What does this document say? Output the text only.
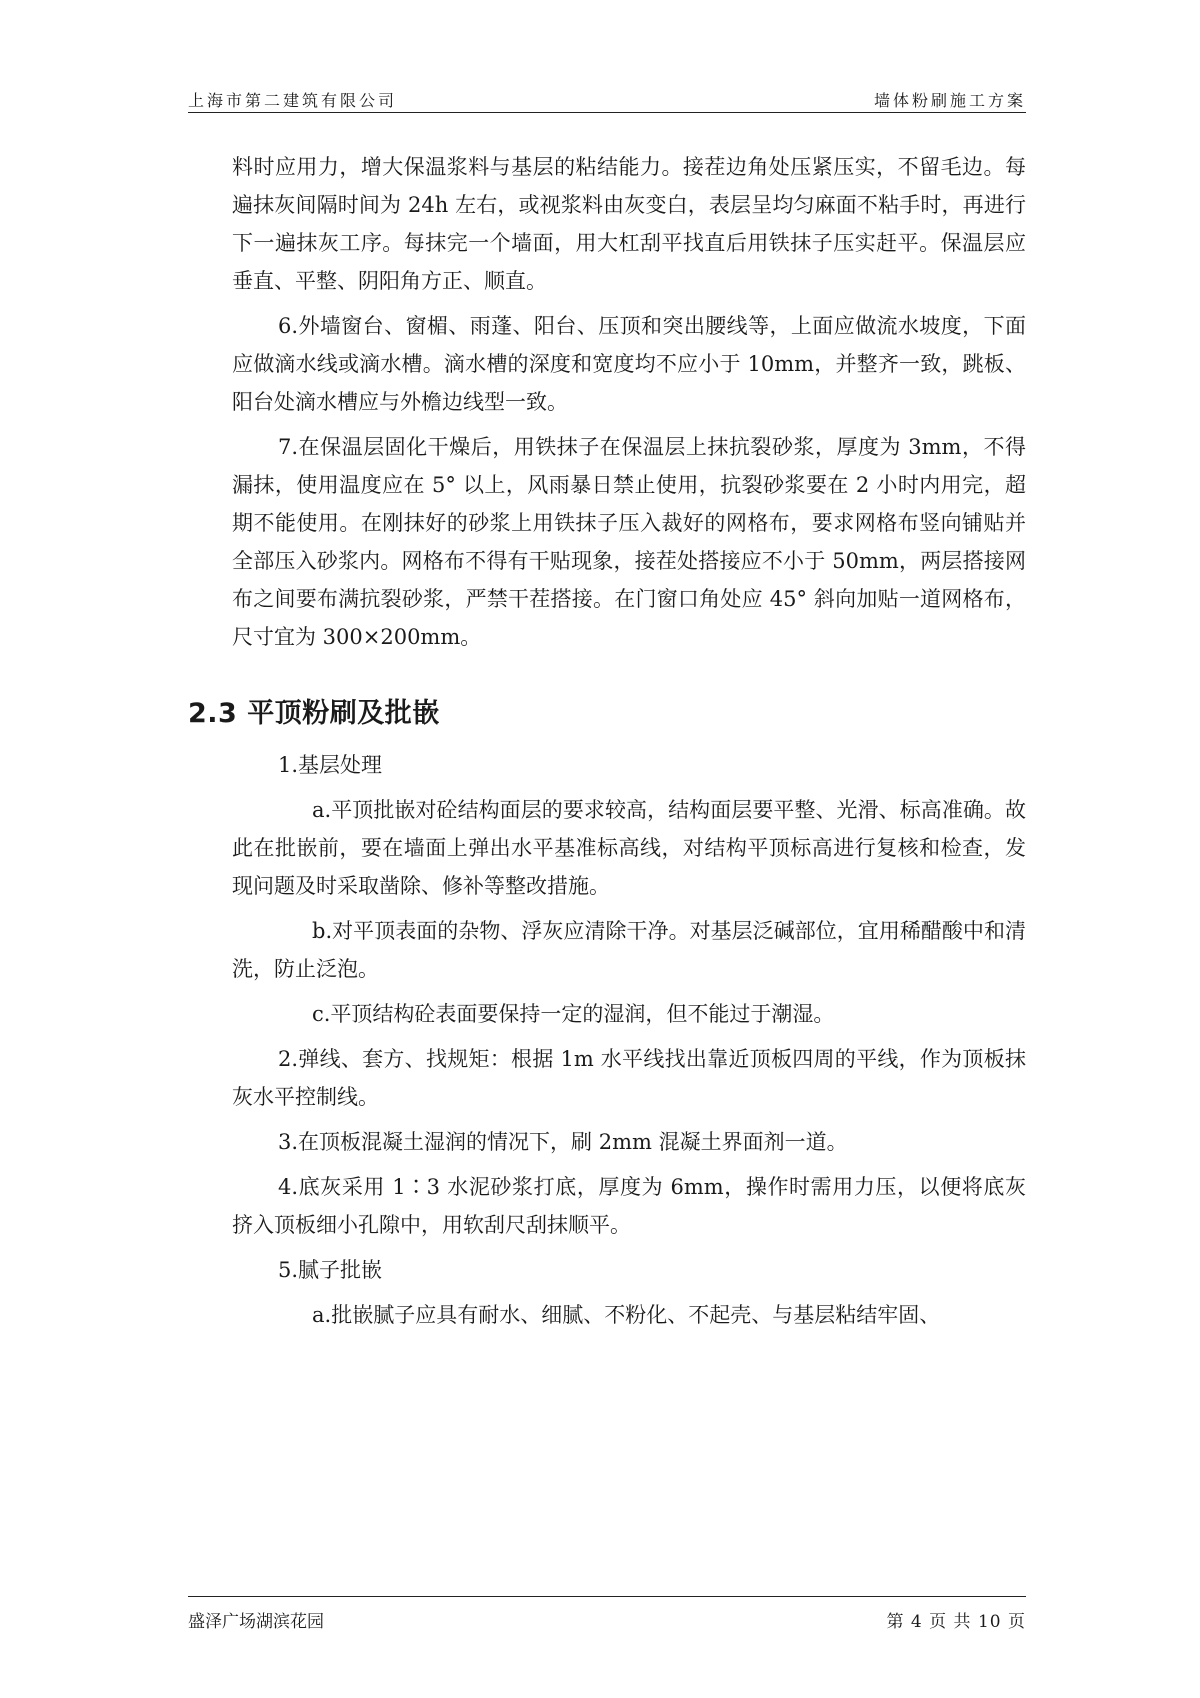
上海市第二建筑有限公司	墙体粉刷施工方案

料时应用力，增大保温浆料与基层的粘结能力。接茬边角处压紧压实，不留毛边。每遍抹灰间隔时间为 24h 左右，或视浆料由灰变白，表层呈均匀麻面不粘手时，再进行下一遍抹灰工序。每抹完一个墙面，用大杠刮平找直后用铁抹子压实赶平。保温层应垂直、平整、阴阳角方正、顺直。

6.外墙窗台、窗楣、雨蓬、阳台、压顶和突出腰线等，上面应做流水坡度，下面应做滴水线或滴水槽。滴水槽的深度和宽度均不应小于 10mm，并整齐一致，跳板、阳台处滴水槽应与外檐边线型一致。

7.在保温层固化干燥后，用铁抹子在保温层上抹抗裂砂浆，厚度为 3mm，不得漏抹，使用温度应在 5° 以上，风雨暴日禁止使用，抗裂砂浆要在 2 小时内用完，超期不能使用。在刚抹好的砂浆上用铁抹子压入裁好的网格布，要求网格布竖向铺贴并全部压入砂浆内。网格布不得有干贴现象，接茬处搭接应不小于 50mm，两层搭接网布之间要布满抗裂砂浆，严禁干茬搭接。在门窗口角处应 45° 斜向加贴一道网格布，尺寸宜为 300×200mm。

2.3 平顶粉刷及批嵌

1.基层处理

a.平顶批嵌对砼结构面层的要求较高，结构面层要平整、光滑、标高准确。故此在批嵌前，要在墙面上弹出水平基准标高线，对结构平顶标高进行复核和检查，发现问题及时采取凿除、修补等整改措施。

b.对平顶表面的杂物、浮灰应清除干净。对基层泛碱部位，宜用稀醋酸中和清洗，防止泛泡。

c.平顶结构砼表面要保持一定的湿润，但不能过于潮湿。

2.弹线、套方、找规矩：根据 1m 水平线找出靠近顶板四周的平线，作为顶板抹灰水平控制线。

3.在顶板混凝土湿润的情况下，刷 2mm 混凝土界面剂一道。

4.底灰采用 1∶3 水泥砂浆打底，厚度为 6mm，操作时需用力压，以便将底灰挤入顶板细小孔隙中，用软刮尺刮抹顺平。

5.腻子批嵌

a.批嵌腻子应具有耐水、细腻、不粉化、不起壳、与基层粘结牢固、

盛泽广场湖滨花园	第 4 页 共 10 页
